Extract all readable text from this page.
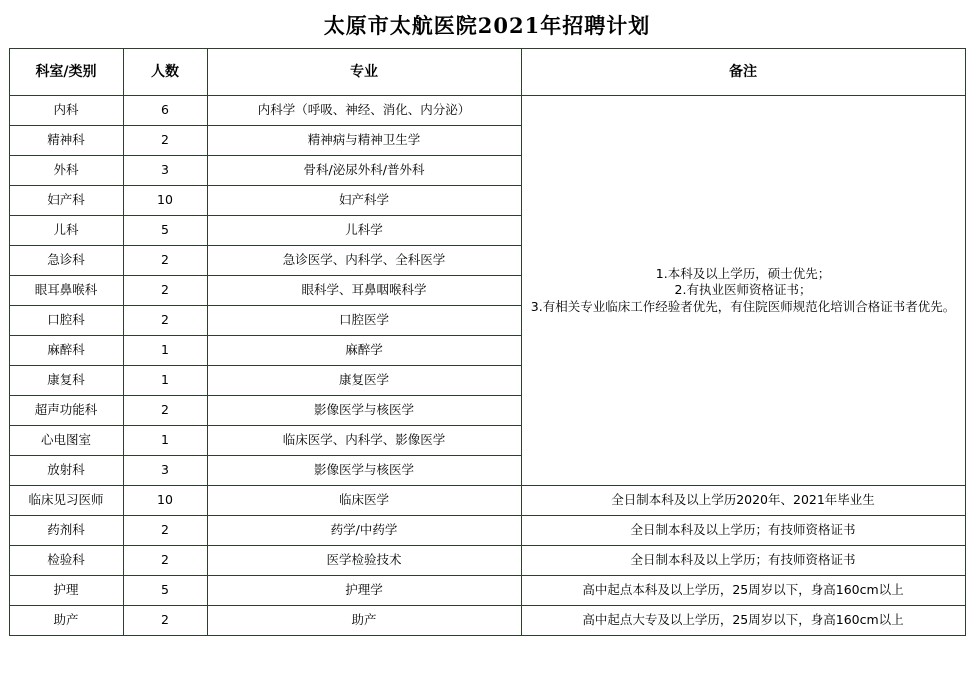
太原市太航医院2021年招聘计划
科室/类别	人数	专业	备注
内科	6	内科学（呼吸、神经、消化、内分泌）	1.本科及以上学历，硕士优先；
2.有执业医师资格证书；
3.有相关专业临床工作经验者优先，有住院医师规范化培训合格证书者优先。

精神科	2	精神病与精神卫生学	
外科	3	骨科/泌尿外科/普外科	
妇产科	10	妇产科学	
儿科	5	儿科学	
急诊科	2	急诊医学、内科学、全科医学	
眼耳鼻喉科	2	眼科学、耳鼻咽喉科学	
口腔科	2	口腔医学	
麻醉科	1	麻醉学	
康复科	1	康复医学	
超声功能科	2	影像医学与核医学	
心电图室	1	临床医学、内科学、影像医学	
放射科	3	影像医学与核医学	
临床见习医师	10	临床医学	全日制本科及以上学历2020年、2021年毕业生
药剂科	2	药学/中药学	全日制本科及以上学历；有技师资格证书
检验科	2	医学检验技术	全日制本科及以上学历；有技师资格证书
护理	5	护理学	高中起点本科及以上学历，25周岁以下，身高160cm以上
助产	2	助产	高中起点大专及以上学历，25周岁以下，身高160cm以上
